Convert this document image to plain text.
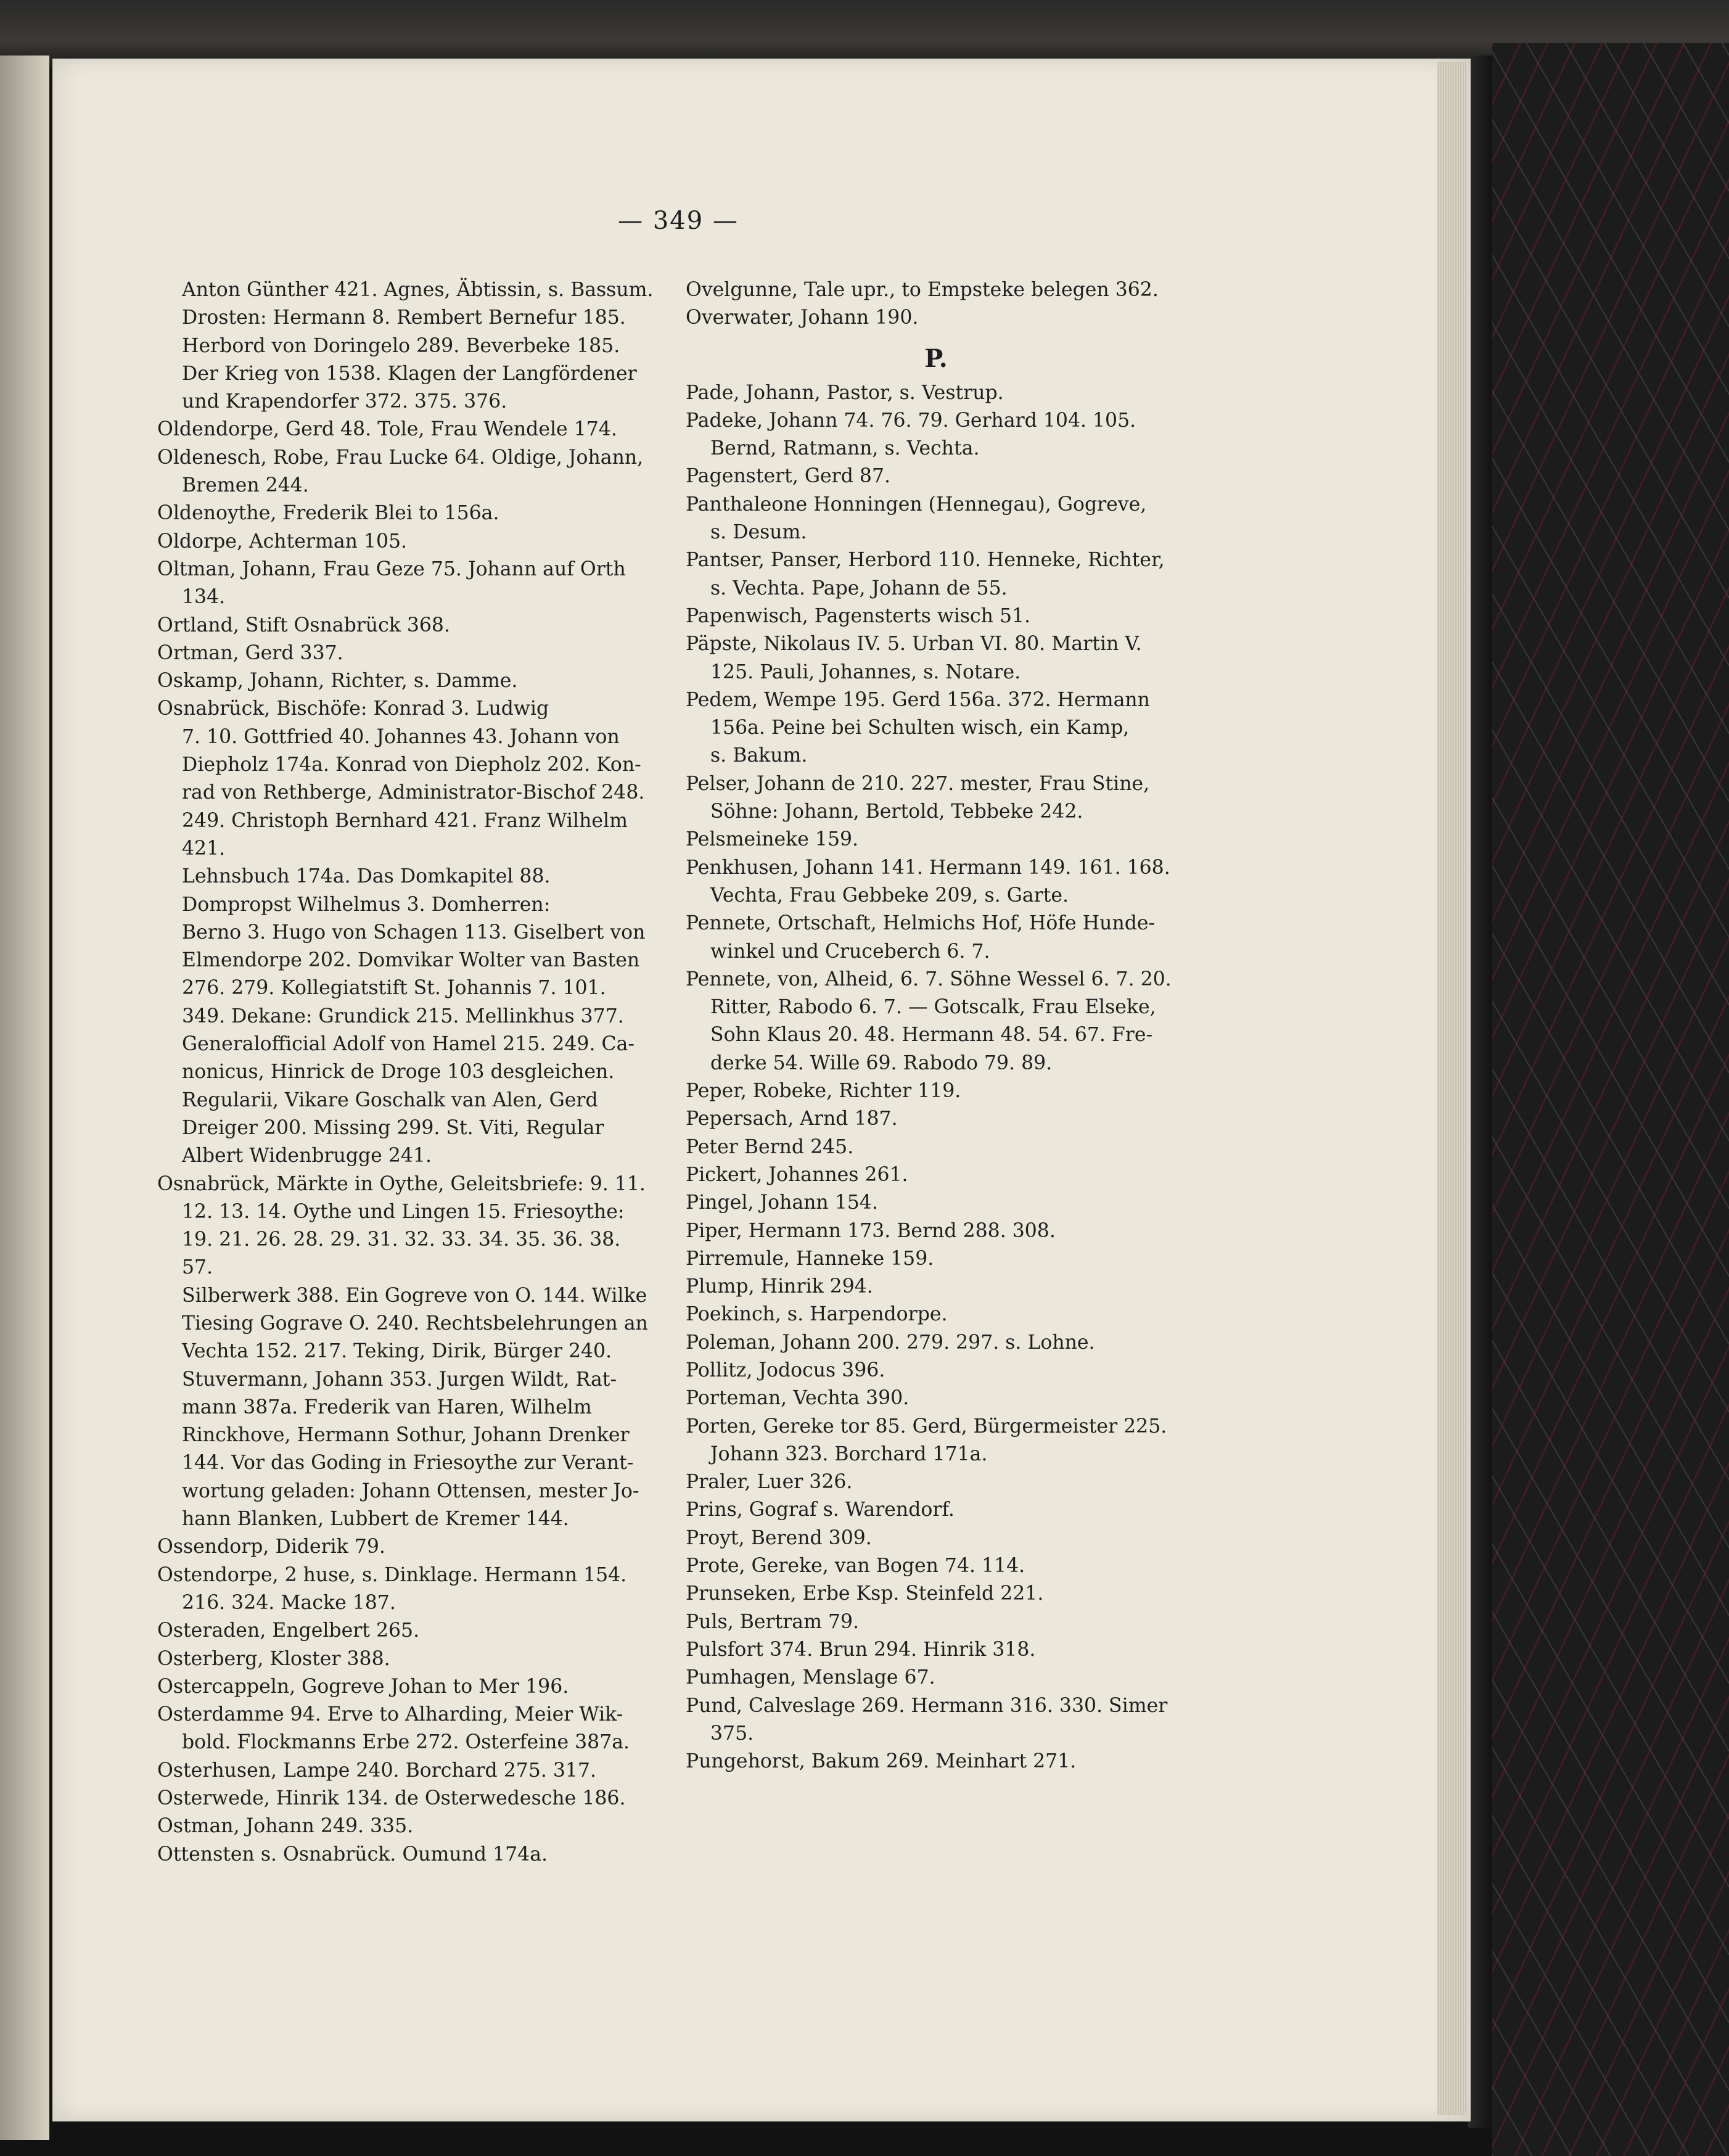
— 349 —
Anton Günther 421. Agnes, Äbtissin, s. Bassum.
Drosten: Hermann 8. Rembert Bernefur 185.
Herbord von Doringelo 289. Beverbeke 185.
Der Krieg von 1538. Klagen der Langfördener
und Krapendorfer 372. 375. 376.
Oldendorpe, Gerd 48. Tole, Frau Wendele 174.
Oldenesch, Robe, Frau Lucke 64. Oldige, Johann,
Bremen 244.
Oldenoythe, Frederik Blei to 156a.
Oldorpe, Achterman 105.
Oltman, Johann, Frau Geze 75. Johann auf Orth
134.
Ortland, Stift Osnabrück 368.
Ortman, Gerd 337.
Oskamp, Johann, Richter, s. Damme.
Osnabrück, Bischöfe: Konrad 3. Ludwig
7. 10. Gottfried 40. Johannes 43. Johann von
Diepholz 174a. Konrad von Diepholz 202. Kon-
rad von Rethberge, Administrator-Bischof 248.
249. Christoph Bernhard 421. Franz Wilhelm 421.
Lehnsbuch 174a. Das Domkapitel 88.
Dompropst Wilhelmus 3. Domherren:
Berno 3. Hugo von Schagen 113. Giselbert von
Elmendorpe 202. Domvikar Wolter van Basten
276. 279. Kollegiatstift St. Johannis 7. 101.
349. Dekane: Grundick 215. Mellinkhus 377.
Generalofficial Adolf von Hamel 215. 249. Ca-
nonicus, Hinrick de Droge 103 desgleichen.
Regularii, Vikare Goschalk van Alen, Gerd
Dreiger 200. Missing 299. St. Viti, Regular
Albert Widenbrugge 241.
Osnabrück, Märkte in Oythe, Geleitsbriefe: 9. 11.
12. 13. 14. Oythe und Lingen 15. Friesoythe:
19. 21. 26. 28. 29. 31. 32. 33. 34. 35. 36. 38. 57.
Silberwerk 388. Ein Gogreve von O. 144. Wilke
Tiesing Gograve O. 240. Rechtsbelehrungen an
Vechta 152. 217. Teking, Dirik, Bürger 240.
Stuvermann, Johann 353. Jurgen Wildt, Rat-
mann 387a. Frederik van Haren, Wilhelm
Rinckhove, Hermann Sothur, Johann Drenker
144. Vor das Goding in Friesoythe zur Verant-
wortung geladen: Johann Ottensen, mester Jo-
hann Blanken, Lubbert de Kremer 144.
Ossendorp, Diderik 79.
Ostendorpe, 2 huse, s. Dinklage. Hermann 154.
216. 324. Macke 187.
Osteraden, Engelbert 265.
Osterberg, Kloster 388.
Ostercappeln, Gogreve Johan to Mer 196.
Osterdamme 94. Erve to Alharding, Meier Wik-
bold. Flockmanns Erbe 272. Osterfeine 387a.
Osterhusen, Lampe 240. Borchard 275. 317.
Osterwede, Hinrik 134. de Osterwedesche 186.
Ostman, Johann 249. 335.
Ottensten s. Osnabrück. Oumund 174a.
Ovelgunne, Tale upr., to Empsteke belegen 362.
Overwater, Johann 190.
P.
Pade, Johann, Pastor, s. Vestrup.
Padeke, Johann 74. 76. 79. Gerhard 104. 105.
Bernd, Ratmann, s. Vechta.
Pagenstert, Gerd 87.
Panthaleone Honningen (Hennegau), Gogreve,
s. Desum.
Pantser, Panser, Herbord 110. Henneke, Richter,
s. Vechta. Pape, Johann de 55.
Papenwisch, Pagensterts wisch 51.
Päpste, Nikolaus IV. 5. Urban VI. 80. Martin V.
125. Pauli, Johannes, s. Notare.
Pedem, Wempe 195. Gerd 156a. 372. Hermann
156a. Peine bei Schulten wisch, ein Kamp,
s. Bakum.
Pelser, Johann de 210. 227. mester, Frau Stine,
Söhne: Johann, Bertold, Tebbeke 242.
Pelsmeineke 159.
Penkhusen, Johann 141. Hermann 149. 161. 168.
Vechta, Frau Gebbeke 209, s. Garte.
Pennete, Ortschaft, Helmichs Hof, Höfe Hunde-
winkel und Cruceberch 6. 7.
Pennete, von, Alheid, 6. 7. Söhne Wessel 6. 7. 20.
Ritter, Rabodo 6. 7. — Gotscalk, Frau Elseke,
Sohn Klaus 20. 48. Hermann 48. 54. 67. Fre-
derke 54. Wille 69. Rabodo 79. 89.
Peper, Robeke, Richter 119.
Pepersach, Arnd 187.
Peter Bernd 245.
Pickert, Johannes 261.
Pingel, Johann 154.
Piper, Hermann 173. Bernd 288. 308.
Pirremule, Hanneke 159.
Plump, Hinrik 294.
Poekinch, s. Harpendorpe.
Poleman, Johann 200. 279. 297. s. Lohne.
Pollitz, Jodocus 396.
Porteman, Vechta 390.
Porten, Gereke tor 85. Gerd, Bürgermeister 225.
Johann 323. Borchard 171a.
Praler, Luer 326.
Prins, Gograf s. Warendorf.
Proyt, Berend 309.
Prote, Gereke, van Bogen 74. 114.
Prunseken, Erbe Ksp. Steinfeld 221.
Puls, Bertram 79.
Pulsfort 374. Brun 294. Hinrik 318.
Pumhagen, Menslage 67.
Pund, Calveslage 269. Hermann 316. 330. Simer
375.
Pungehorst, Bakum 269. Meinhart 271.
